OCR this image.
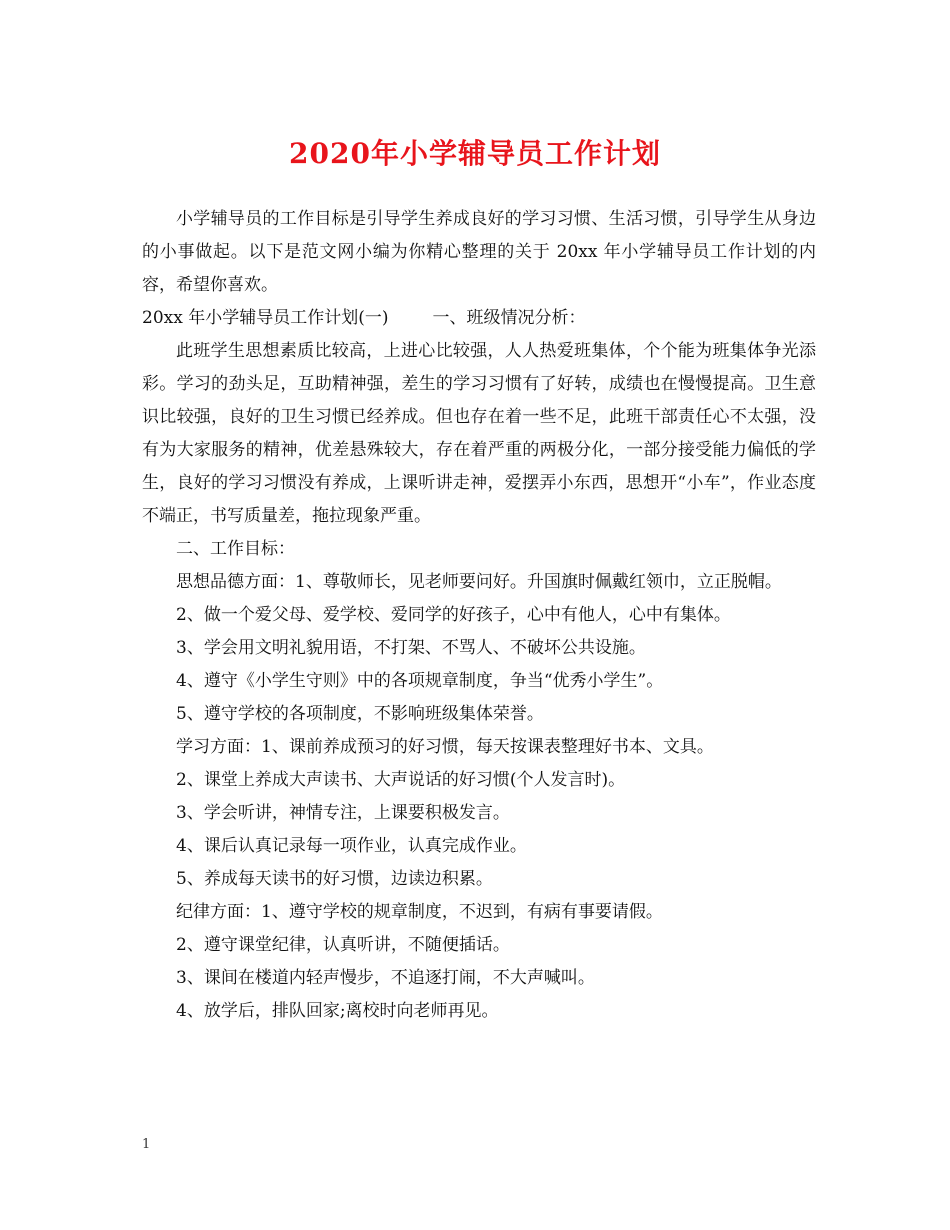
2020年小学辅导员工作计划

小学辅导员的工作目标是引导学生养成良好的学习习惯、生活习惯，引导学生从身边的小事做起。以下是范文网小编为你精心整理的关于 20xx 年小学辅导员工作计划的内容，希望你喜欢。

20xx 年小学辅导员工作计划(一)	一、班级情况分析：

此班学生思想素质比较高，上进心比较强，人人热爱班集体，个个能为班集体争光添彩。学习的劲头足，互助精神强，差生的学习习惯有了好转，成绩也在慢慢提高。卫生意识比较强，良好的卫生习惯已经养成。但也存在着一些不足，此班干部责任心不太强，没有为大家服务的精神，优差悬殊较大，存在着严重的两极分化，一部分接受能力偏低的学生，良好的学习习惯没有养成，上课听讲走神，爱摆弄小东西，思想开“小车”，作业态度不端正，书写质量差，拖拉现象严重。

二、工作目标：

思想品德方面：1、尊敬师长，见老师要问好。升国旗时佩戴红领巾，立正脱帽。

2、做一个爱父母、爱学校、爱同学的好孩子，心中有他人，心中有集体。

3、学会用文明礼貌用语，不打架、不骂人、不破坏公共设施。

4、遵守《小学生守则》中的各项规章制度，争当“优秀小学生”。

5、遵守学校的各项制度，不影响班级集体荣誉。

学习方面：1、课前养成预习的好习惯，每天按课表整理好书本、文具。

2、课堂上养成大声读书、大声说话的好习惯(个人发言时)。

3、学会听讲，神情专注，上课要积极发言。

4、课后认真记录每一项作业，认真完成作业。

5、养成每天读书的好习惯，边读边积累。

纪律方面：1、遵守学校的规章制度，不迟到，有病有事要请假。

2、遵守课堂纪律，认真听讲，不随便插话。

3、课间在楼道内轻声慢步，不追逐打闹，不大声喊叫。

4、放学后，排队回家;离校时向老师再见。

1
